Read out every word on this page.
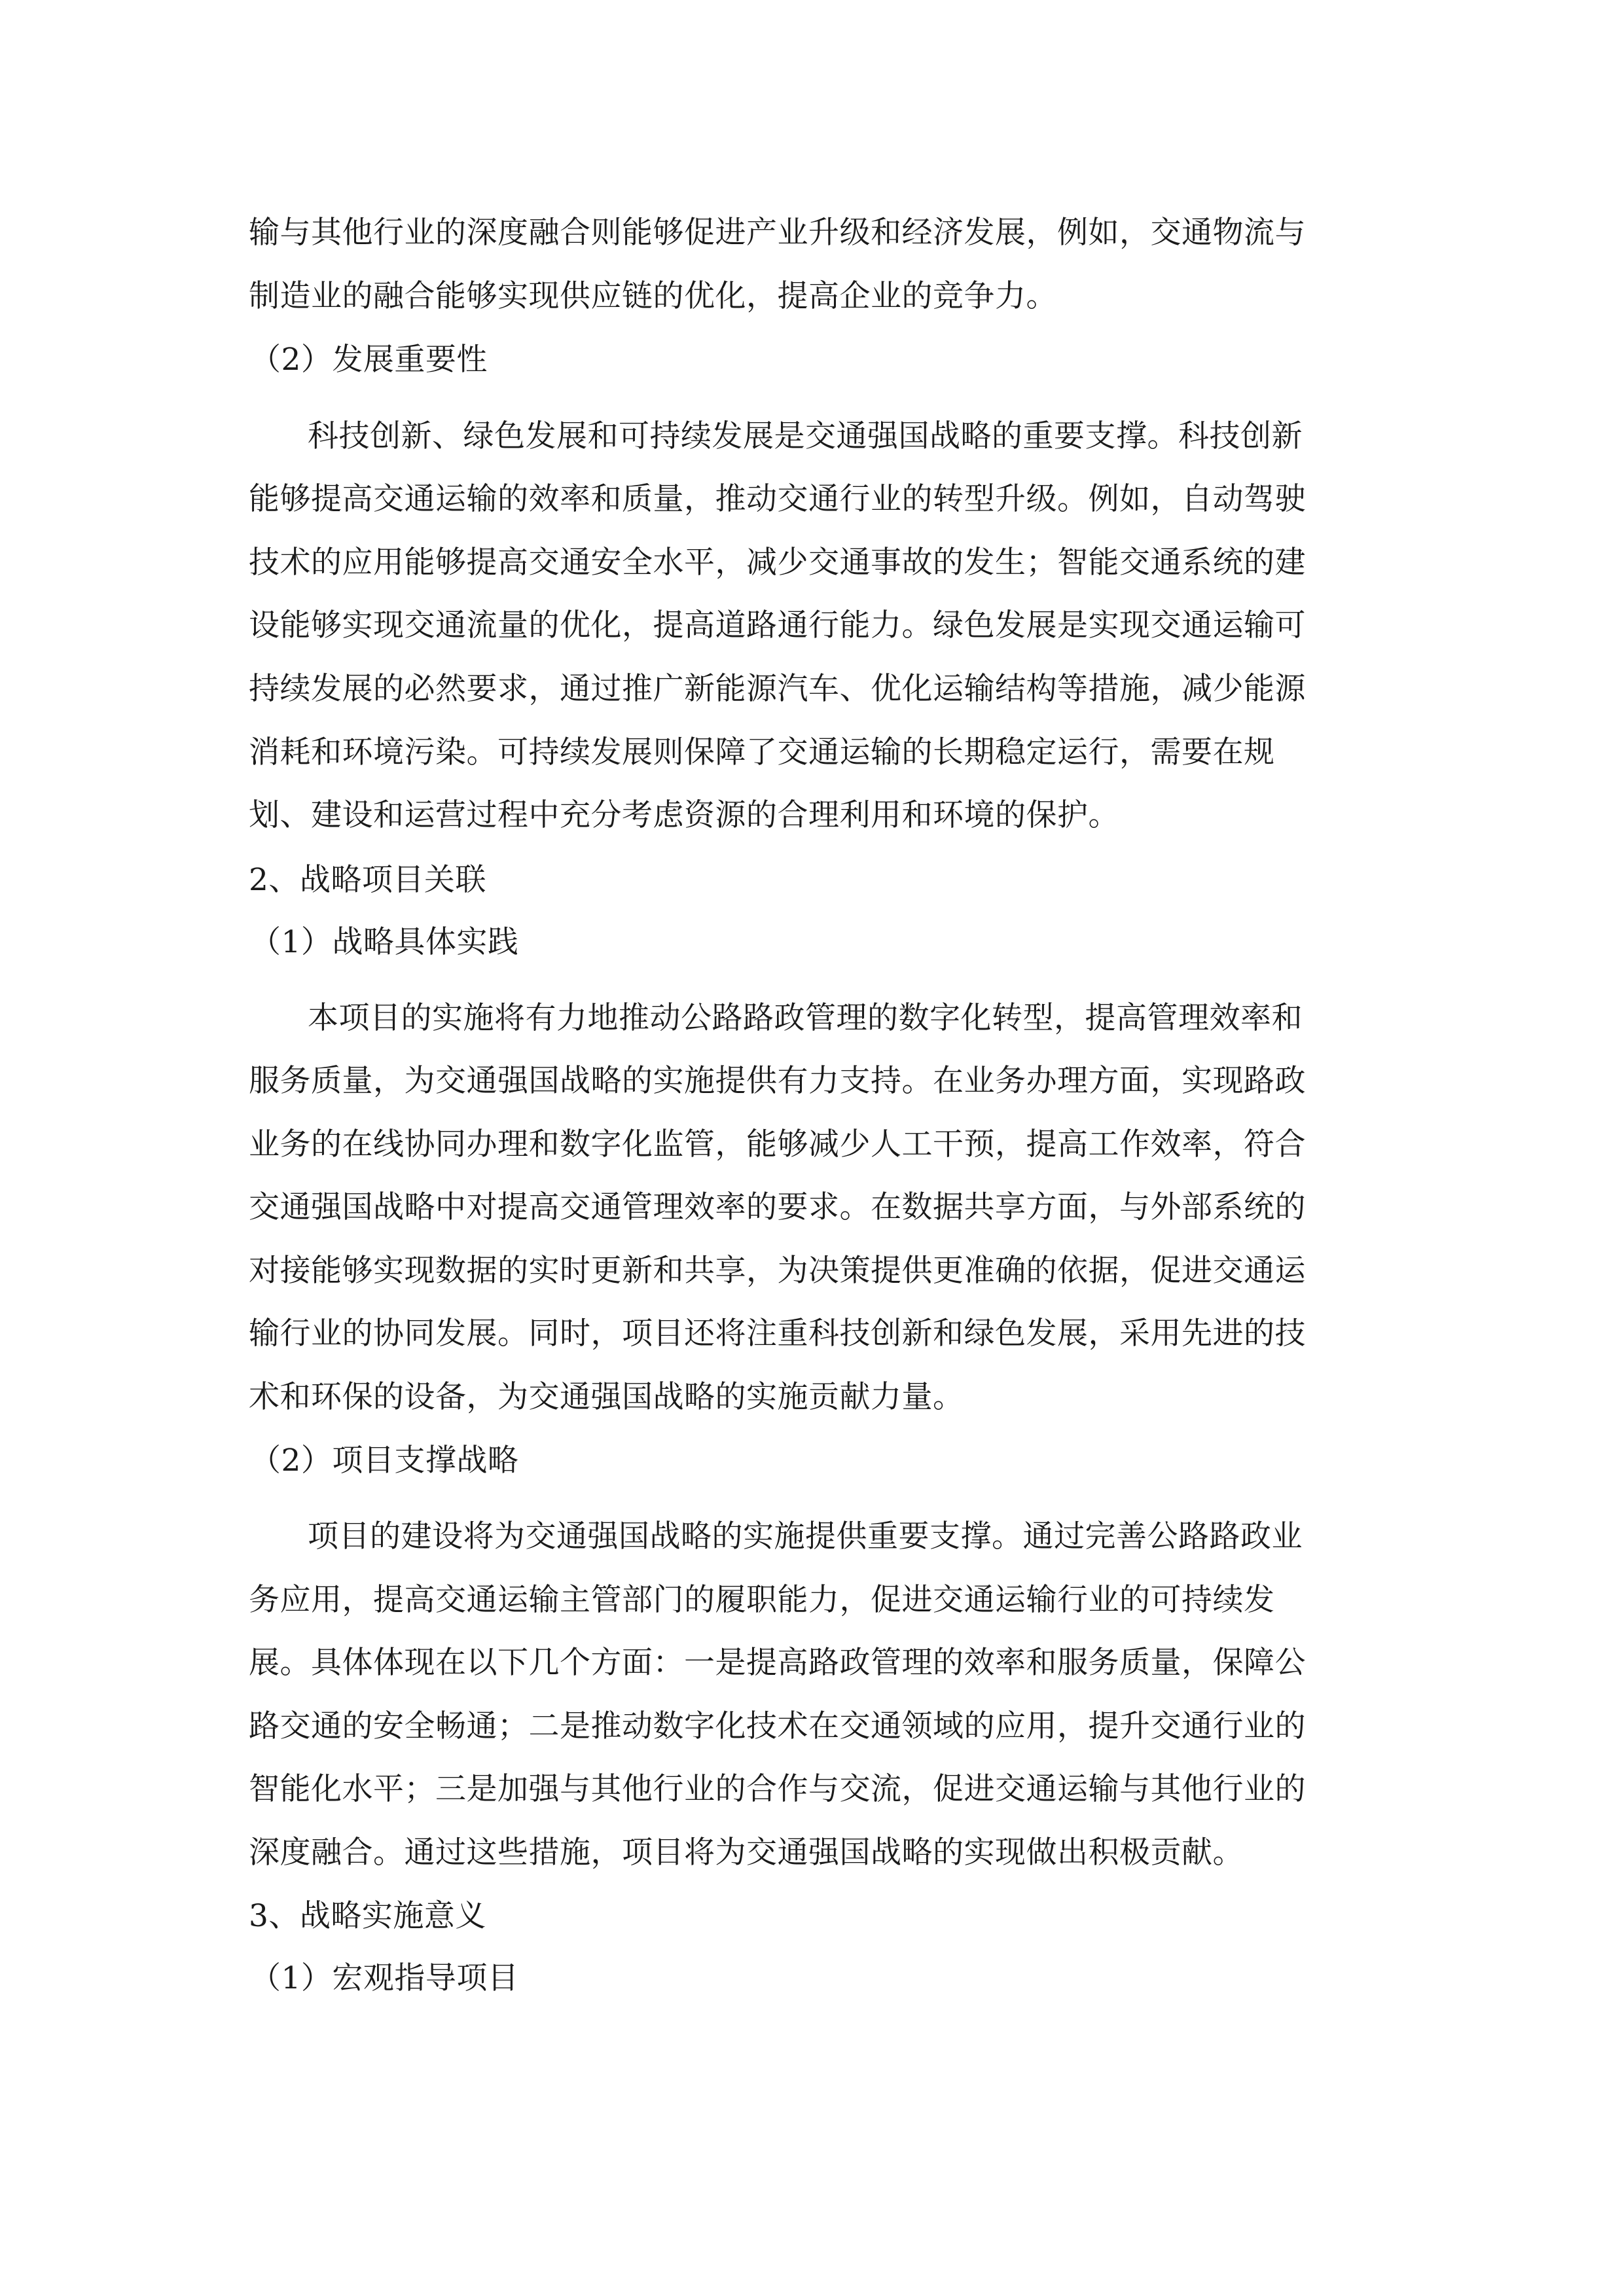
输与其他行业的深度融合则能够促进产业升级和经济发展，例如，交通物流与
制造业的融合能够实现供应链的优化，提高企业的竞争力。
（2）发展重要性
科技创新、绿色发展和可持续发展是交通强国战略的重要支撑。科技创新
能够提高交通运输的效率和质量，推动交通行业的转型升级。例如，自动驾驶
技术的应用能够提高交通安全水平，减少交通事故的发生；智能交通系统的建
设能够实现交通流量的优化，提高道路通行能力。绿色发展是实现交通运输可
持续发展的必然要求，通过推广新能源汽车、优化运输结构等措施，减少能源
消耗和环境污染。可持续发展则保障了交通运输的长期稳定运行，需要在规
划、建设和运营过程中充分考虑资源的合理利用和环境的保护。
2、战略项目关联
（1）战略具体实践
本项目的实施将有力地推动公路路政管理的数字化转型，提高管理效率和
服务质量，为交通强国战略的实施提供有力支持。在业务办理方面，实现路政
业务的在线协同办理和数字化监管，能够减少人工干预，提高工作效率，符合
交通强国战略中对提高交通管理效率的要求。在数据共享方面，与外部系统的
对接能够实现数据的实时更新和共享，为决策提供更准确的依据，促进交通运
输行业的协同发展。同时，项目还将注重科技创新和绿色发展，采用先进的技
术和环保的设备，为交通强国战略的实施贡献力量。
（2）项目支撑战略
项目的建设将为交通强国战略的实施提供重要支撑。通过完善公路路政业
务应用，提高交通运输主管部门的履职能力，促进交通运输行业的可持续发
展。具体体现在以下几个方面：一是提高路政管理的效率和服务质量，保障公
路交通的安全畅通；二是推动数字化技术在交通领域的应用，提升交通行业的
智能化水平；三是加强与其他行业的合作与交流，促进交通运输与其他行业的
深度融合。通过这些措施，项目将为交通强国战略的实现做出积极贡献。
3、战略实施意义
（1）宏观指导项目
